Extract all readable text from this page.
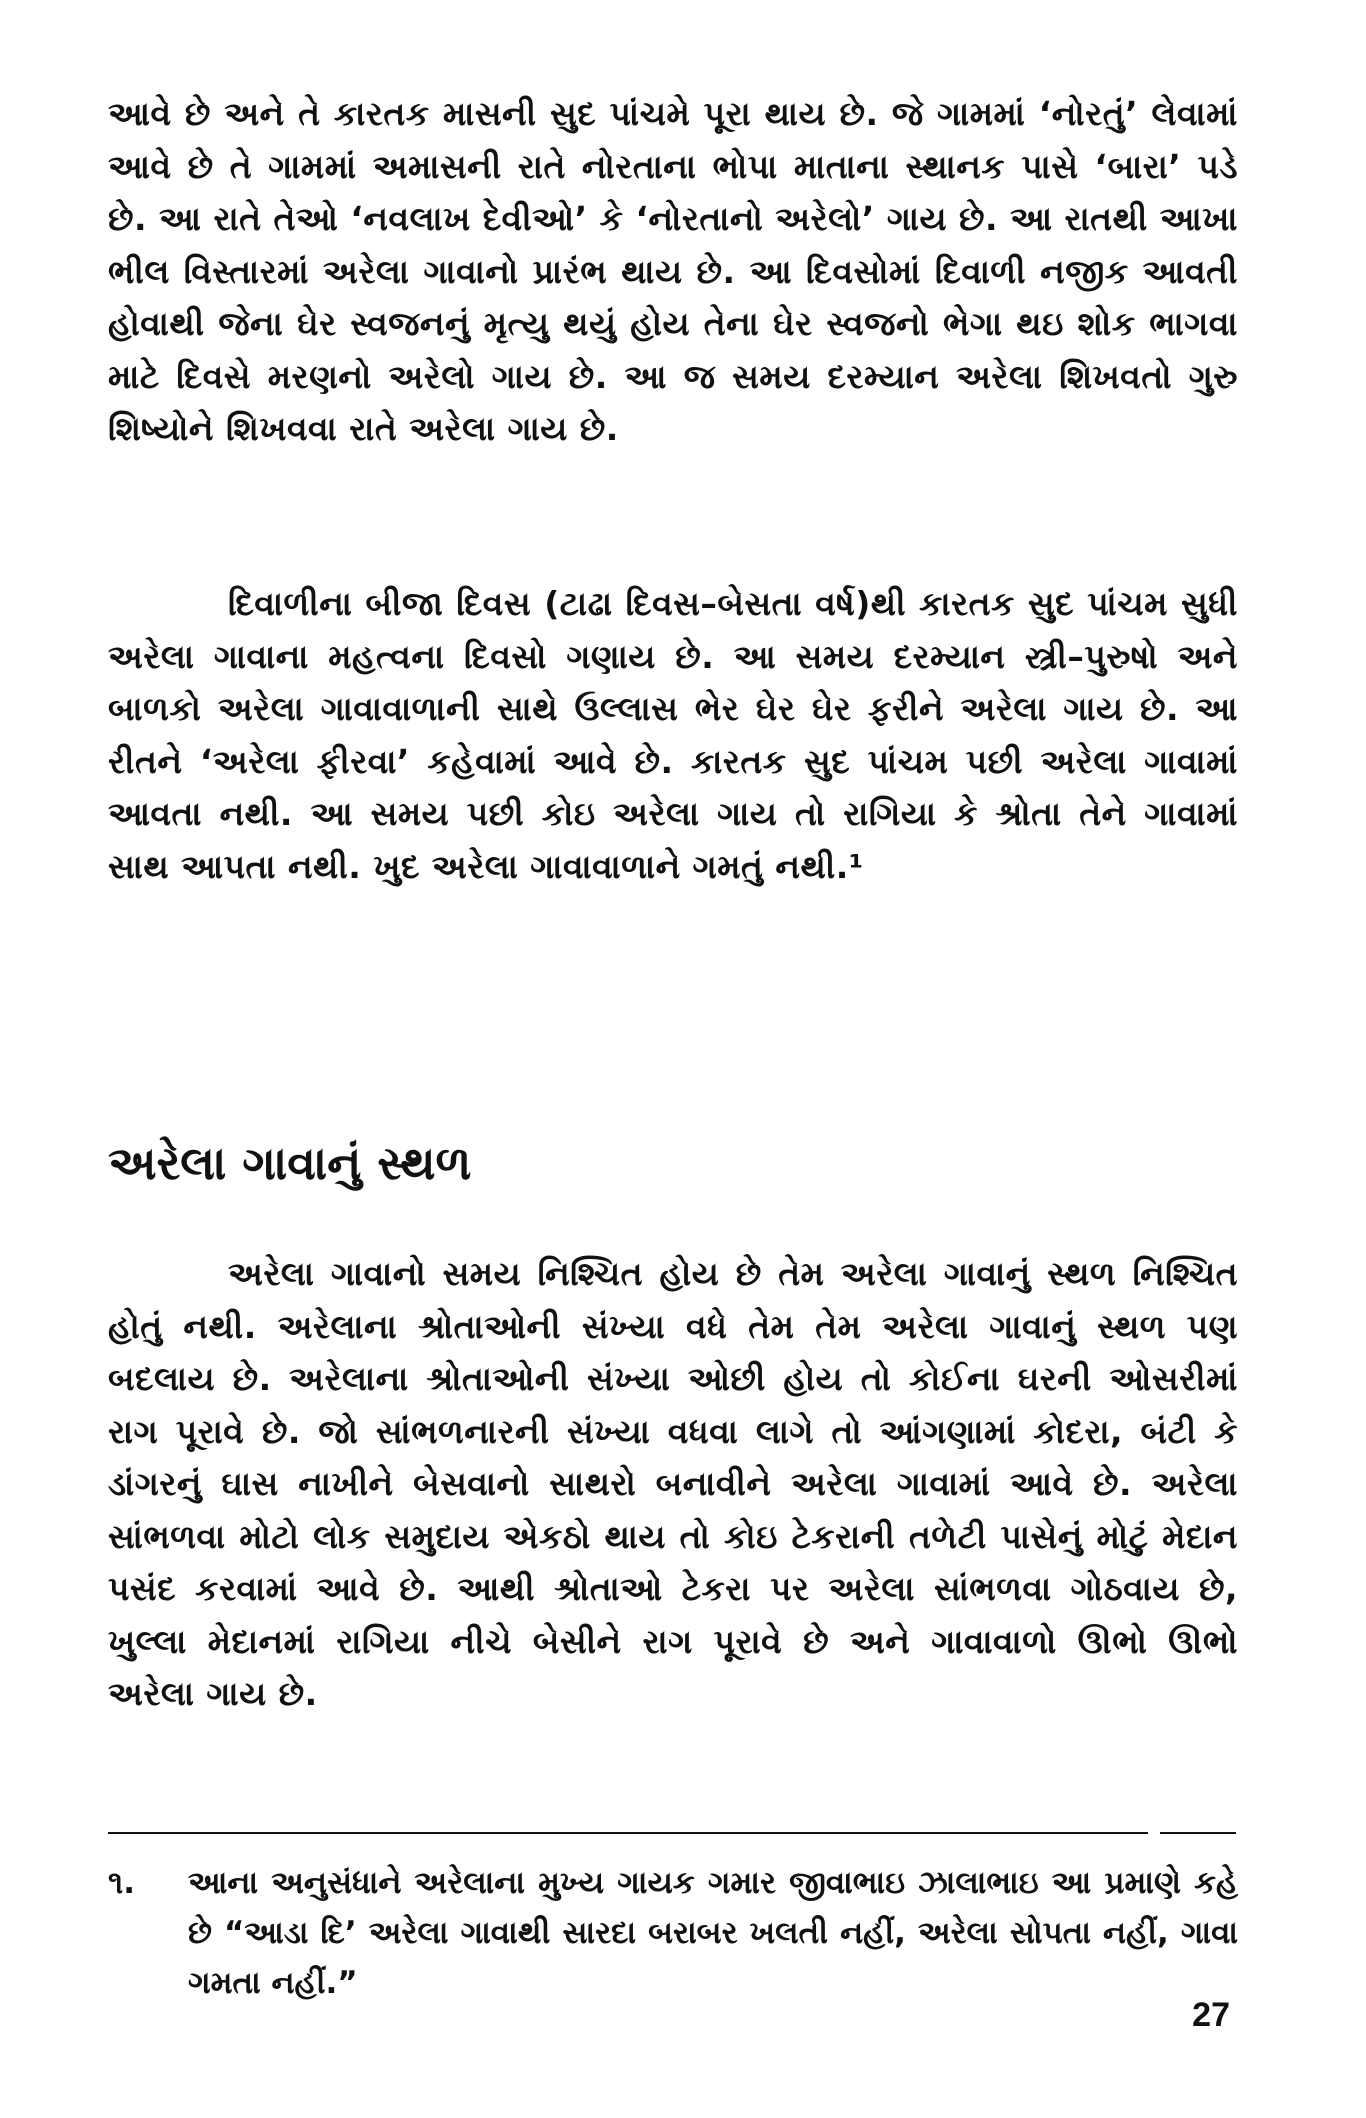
આવે છે અને તે કારતક માસની સુદ પાંચમે પૂરા થાય છે. જે ગામમાં ‘નોરતું’ લેવામાં આવે છે તે ગામમાં અમાસની રાતે નોરતાના ભોપા માતાના સ્થાનક પાસે ‘બારા’ પડે છે. આ રાતે તેઓ ‘નવલાખ દેવીઓ’ કે ‘નોરતાનો અરેલો’ ગાય છે. આ રાતથી આખા ભીલ વિસ્તારમાં અરેલા ગાવાનો પ્રારંભ થાય છે. આ દિવસોમાં દિવાળી નજીક આવતી હોવાથી જેના ઘેર સ્વજનનું મૃત્યુ થયું હોય તેના ઘેર સ્વજનો ભેગા થઇ શોક ભાગવા માટે દિવસે મરણનો અરેલો ગાય છે. આ જ સમય દરમ્યાન અરેલા શિખવતો ગુરુ શિષ્યોને શિખવવા રાતે અરેલા ગાય છે.

દિવાળીના બીજા દિવસ (ટાઢા દિવસ–બેસતા વર્ષ)થી કારતક સુદ પાંચમ સુધી અરેલા ગાવાના મહત્વના દિવસો ગણાય છે. આ સમય દરમ્યાન સ્ત્રી–પુરુષો અને બાળકો અરેલા ગાવાવાળાની સાથે ઉલ્લાસ ભેર ઘેર ઘેર ફરીને અરેલા ગાય છે. આ રીતને ‘અરેલા ફીરવા’ કહેવામાં આવે છે. કારતક સુદ પાંચમ પછી અરેલા ગાવામાં આવતા નથી. આ સમય પછી કોઇ અરેલા ગાય તો રાગિયા કે શ્રોતા તેને ગાવામાં સાથ આપતા નથી. ખુદ અરેલા ગાવાવાળાને ગમતું નથી.¹

અરેલા ગાવાનું સ્થળ

અરેલા ગાવાનો સમય નિશ્ચિત હોય છે તેમ અરેલા ગાવાનું સ્થળ નિશ્ચિત હોતું નથી. અરેલાના શ્રોતાઓની સંખ્યા વધે તેમ તેમ અરેલા ગાવાનું સ્થળ પણ બદલાય છે. અરેલાના શ્રોતાઓની સંખ્યા ઓછી હોય તો કોઈના ઘરની ઓસરીમાં રાગ પૂરાવે છે. જો સાંભળનારની સંખ્યા વધવા લાગે તો આંગણામાં કોદરા, બંટી કે ડાંગરનું ઘાસ નાખીને બેસવાનો સાથરો બનાવીને અરેલા ગાવામાં આવે છે. અરેલા સાંભળવા મોટો લોક સમુદાય એકઠો થાય તો કોઇ ટેકરાની તળેટી પાસેનું મોટું મેદાન પસંદ કરવામાં આવે છે. આથી શ્રોતાઓ ટેકરા પર અરેલા સાંભળવા ગોઠવાય છે, ખુલ્લા મેદાનમાં રાગિયા નીચે બેસીને રાગ પૂરાવે છે અને ગાવાવાળો ઊભો ઊભો અરેલા ગાય છે.

૧. આના અનુસંધાને અરેલાના મુખ્ય ગાયક ગમાર જીવાભાઇ ઝાલાભાઇ આ પ્રમાણે કહે છે “આડા દિ’ અરેલા ગાવાથી સારદા બરાબર ખલતી નહીં, અરેલા સોપતા નહીં, ગાવા ગમતા નહીં.”
27
